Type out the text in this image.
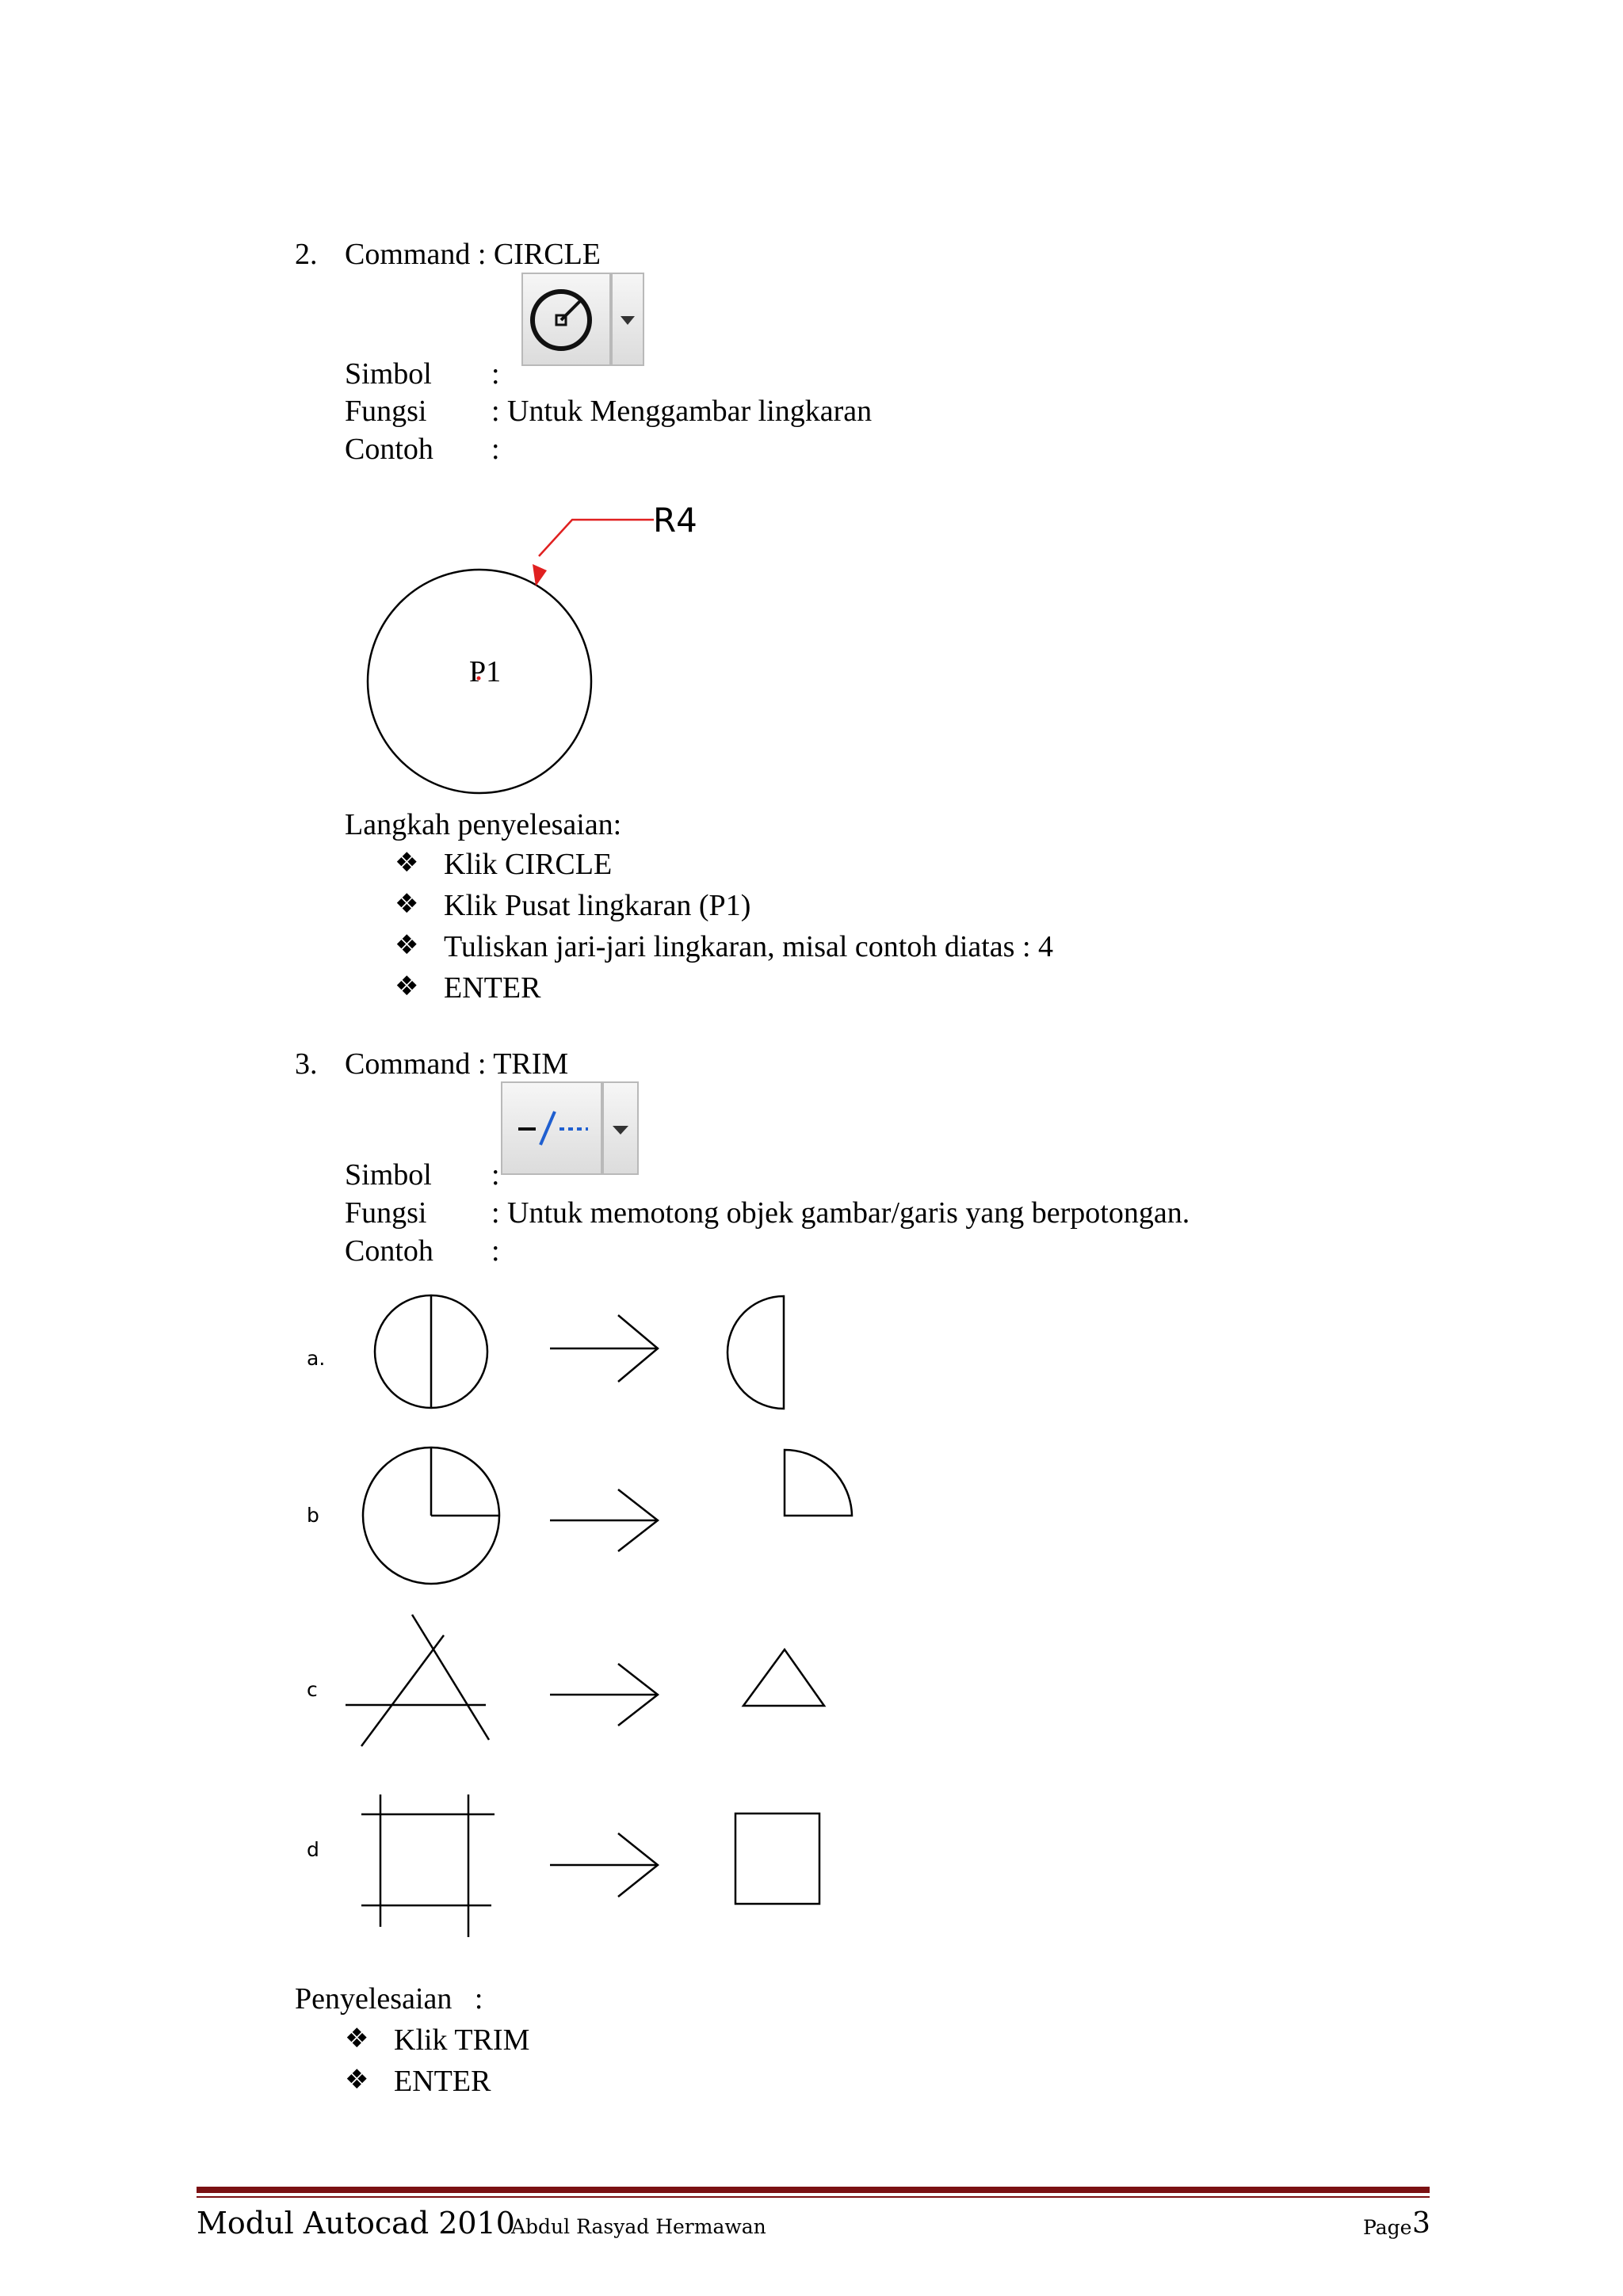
2. Command : CIRCLE
Simbol :
Fungsi : Untuk Menggambar lingkaran
Contoh :
R4
P1
Langkah penyelesaian:
❖ Klik CIRCLE
❖ Klik Pusat lingkaran (P1)
❖ Tuliskan jari-jari lingkaran, misal contoh diatas : 4
❖ ENTER
3. Command : TRIM
Simbol :
Fungsi : Untuk memotong objek gambar/garis yang berpotongan.
Contoh :
a.
b
c
d
Penyelesaian   :
❖ Klik TRIM
❖ ENTER
Modul Autocad 2010
Abdul Rasyad Hermawan	Page 3
